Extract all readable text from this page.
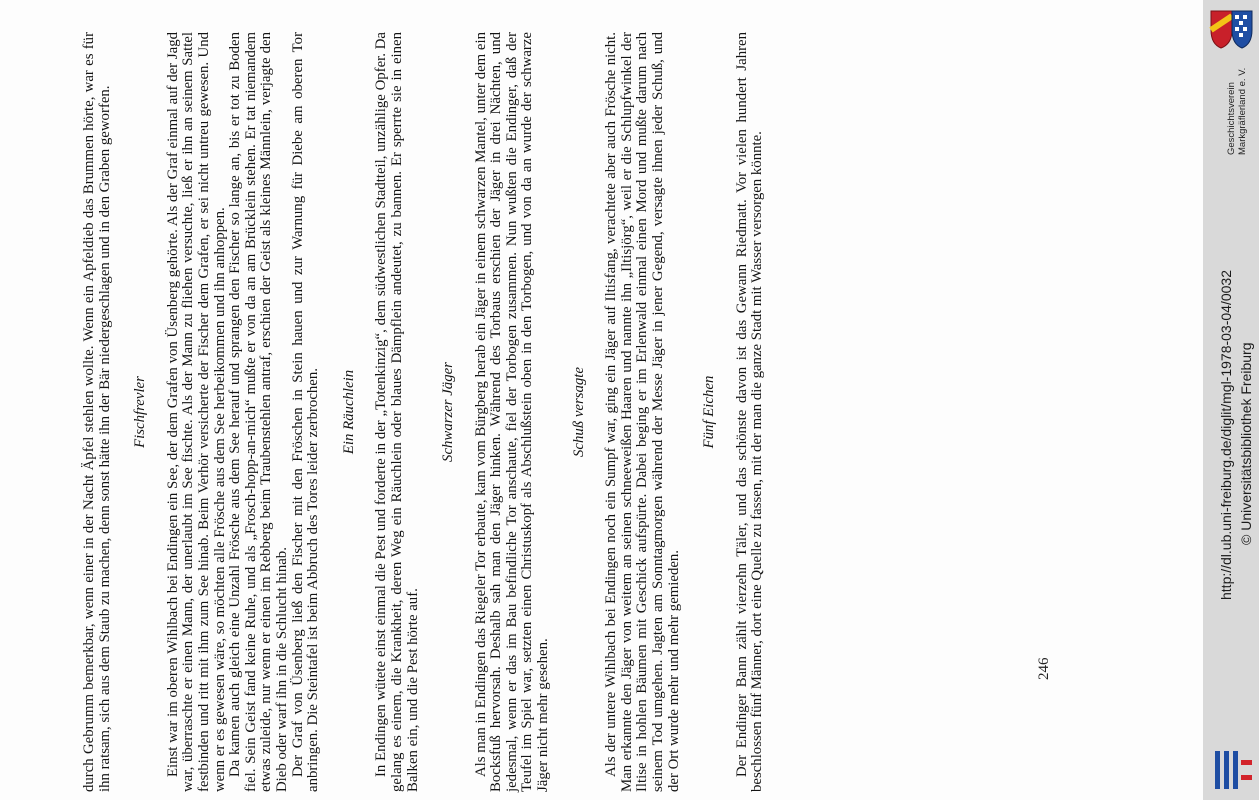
durch Gebrumm bemerkbar, wenn einer in der Nacht Äpfel stehlen wollte. Wenn ein Apfeldieb das Brummen hörte, war es für ihn ratsam, sich aus dem Staub zu machen, denn sonst hätte ihn der Bär niedergeschlagen und in den Graben geworfen. Fischfrevler Einst war im oberen Wihlbach bei Endingen ein See, der dem Grafen von Üsenberg gehörte. Als der Graf einmal auf der Jagd war, überraschte er einen Mann, der unerlaubt im See fischte. Als der Mann zu fliehen versuchte, ließ er ihn an seinem Sattel festbinden und ritt mit ihm zum See hinab. Beim Verhör versicherte der Fischer dem Grafen, er sei nicht untreu gewesen. Und wenn er es gewesen wäre, so möchten alle Frösche aus dem See herbeikommen und ihn anhoppen. Da kamen auch gleich eine Unzahl Frösche aus dem See herauf und sprangen den Fischer so lange an, bis er tot zu Boden fiel. Sein Geist fand keine Ruhe, und als „Frosch-hopp-an-mich“ mußte er von da an am Brücklein stehen. Er tat niemandem etwas zuleide, nur wenn er einen im Rebberg beim Traubenstehlen antraf, erschien der Geist als kleines Männlein, verjagte den Dieb oder warf ihn in die Schlucht hinab. Der Graf von Üsenberg ließ den Fischer mit den Fröschen in Stein hauen und zur Warnung für Diebe am oberen Tor anbringen. Die Steintafel ist beim Abbruch des Tores leider zerbrochen. Ein Räuchlein In Endingen wütete einst einmal die Pest und forderte in der „Totenkinzig“, dem südwestlichen Stadtteil, unzählige Opfer. Da gelang es einem, die Krankheit, deren Weg ein Räuchlein oder blaues Dämpflein andeutet, zu bannen. Er sperrte sie in einen Balken ein, und die Pest hörte auf.

Schwarzer Jäger Als man in Endingen das Riegeler Tor erbaute, kam vom Bürgberg herab ein Jäger in einem schwarzen Mantel, unter dem ein Bocksfuß hervorsah. Deshalb sah man den Jäger hinken. Während des Torbaus erschien der Jäger in drei Nächten, und jedesmal, wenn er das im Bau befindliche Tor anschaute, fiel der Torbogen zusammen. Nun wußten die Endinger, daß der Teufel im Spiel war, setzten einen Christuskopf als Abschlußstein oben in den Torbogen, und von da an wurde der schwarze Jäger nicht mehr gesehen.

Schuß versagte Als der untere Wihlbach bei Endingen noch ein Sumpf war, ging ein Jäger auf Iltisfang, verachtete aber auch Frösche nicht. Man erkannte den Jäger von weitem an seinen schneeweißen Haaren und nannte ihn „Iltisjörg“, weil er die Schlupfwinkel der Iltise in hohlen Bäumen mit Geschick aufspürte. Dabei beging er im Erlenwald einmal einen Mord und mußte darum nach seinem Tod umgehen. Jagten am Sonntagmorgen während der Messe Jäger in jener Gegend, versagte ihnen jeder Schuß, und der Ort wurde mehr und mehr gemieden.

Fünf Eichen Der Endinger Bann zählt vierzehn Täler, und das schönste davon ist das Gewann Riedmatt. Vor vielen hundert Jahren beschlossen fünf Männer, dort eine Quelle zu fassen, mit der man die ganze Stadt mit Wasser versorgen könnte.	246
Geschichtsverein Markgräflerland e. V.
http://dl.ub.uni-freiburg.de/diglit/mgl-1978-03-04/0032 © Universitätsbibliothek Freiburg
